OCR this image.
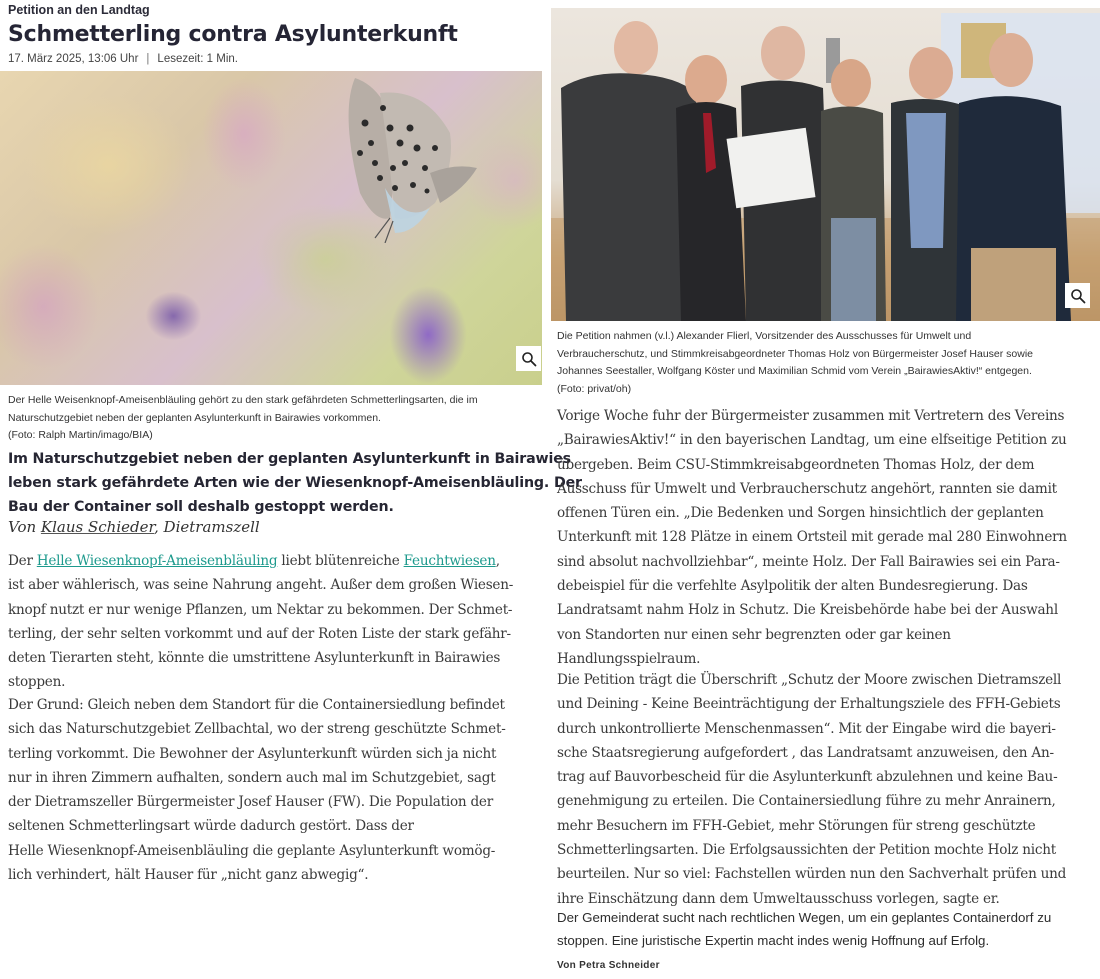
Petition an den Landtag
Schmetterling contra Asylunterkunft
17. März 2025, 13:06 Uhr | Lesezeit: 1 Min.
Der Helle Weisenknopf-Ameisenbläuling gehört zu den stark gefährdeten Schmetterlingsarten, die im
Naturschutzgebiet neben der geplanten Asylunterkunft in Bairawies vorkommen.
(Foto: Ralph Martin/imago/BIA)
Im Naturschutzgebiet neben der geplanten Asylunterkunft in Bairawies
leben stark gefährdete Arten wie der Wiesenknopf-Ameisenbläuling. Der
Bau der Container soll deshalb gestoppt werden.
Von Klaus Schieder, Dietramszell
Der Helle Wiesenknopf-Ameisenbläuling liebt blütenreiche Feuchtwiesen,
ist aber wählerisch, was seine Nahrung angeht. Außer dem großen Wiesen-
knopf nutzt er nur wenige Pflanzen, um Nektar zu bekommen. Der Schmet-
terling, der sehr selten vorkommt und auf der Roten Liste der stark gefähr-
deten Tierarten steht, könnte die umstrittene Asylunterkunft in Bairawies
stoppen.
Der Grund: Gleich neben dem Standort für die Containersiedlung befindet
sich das Naturschutzgebiet Zellbachtal, wo der streng geschützte Schmet-
terling vorkommt. Die Bewohner der Asylunterkunft würden sich ja nicht
nur in ihren Zimmern aufhalten, sondern auch mal im Schutzgebiet, sagt
der Dietramszeller Bürgermeister Josef Hauser (FW). Die Population der
seltenen Schmetterlingsart würde dadurch gestört. Dass der
Helle Wiesenknopf-Ameisenbläuling die geplante Asylunterkunft womög-
lich verhindert, hält Hauser für „nicht ganz abwegig“.
Die Petition nahmen (v.l.) Alexander Flierl, Vorsitzender des Ausschusses für Umwelt und
Verbraucherschutz, und Stimmkreisabgeordneter Thomas Holz von Bürgermeister Josef Hauser sowie
Johannes Seestaller, Wolfgang Köster und Maximilian Schmid vom Verein „BairawiesAktiv!“ entgegen.
(Foto: privat/oh)
Vorige Woche fuhr der Bürgermeister zusammen mit Vertretern des Vereins
„BairawiesAktiv!“ in den bayerischen Landtag, um eine elfseitige Petition zu
übergeben. Beim CSU-Stimmkreisabgeordneten Thomas Holz, der dem
Ausschuss für Umwelt und Verbraucherschutz angehört, rannten sie damit
offenen Türen ein. „Die Bedenken und Sorgen hinsichtlich der geplanten
Unterkunft mit 128 Plätze in einem Ortsteil mit gerade mal 280 Einwohnern
sind absolut nachvollziehbar“, meinte Holz. Der Fall Bairawies sei ein Para-
debeispiel für die verfehlte Asylpolitik der alten Bundesregierung. Das
Landratsamt nahm Holz in Schutz. Die Kreisbehörde habe bei der Auswahl
von Standorten nur einen sehr begrenzten oder gar keinen
Handlungsspielraum.
Die Petition trägt die Überschrift „Schutz der Moore zwischen Dietramszell
und Deining - Keine Beeinträchtigung der Erhaltungsziele des FFH-Gebiets
durch unkontrollierte Menschenmassen“. Mit der Eingabe wird die bayeri-
sche Staatsregierung aufgefordert , das Landratsamt anzuweisen, den An-
trag auf Bauvorbescheid für die Asylunterkunft abzulehnen und keine Bau-
genehmigung zu erteilen. Die Containersiedlung führe zu mehr Anrainern,
mehr Besuchern im FFH-Gebiet, mehr Störungen für streng geschützte
Schmetterlingsarten. Die Erfolgsaussichten der Petition mochte Holz nicht
beurteilen. Nur so viel: Fachstellen würden nun den Sachverhalt prüfen und
ihre Einschätzung dann dem Umweltausschuss vorlegen, sagte er.
Der Gemeinderat sucht nach rechtlichen Wegen, um ein geplantes Containerdorf zu
stoppen. Eine juristische Expertin macht indes wenig Hoffnung auf Erfolg.
Von Petra Schneider
